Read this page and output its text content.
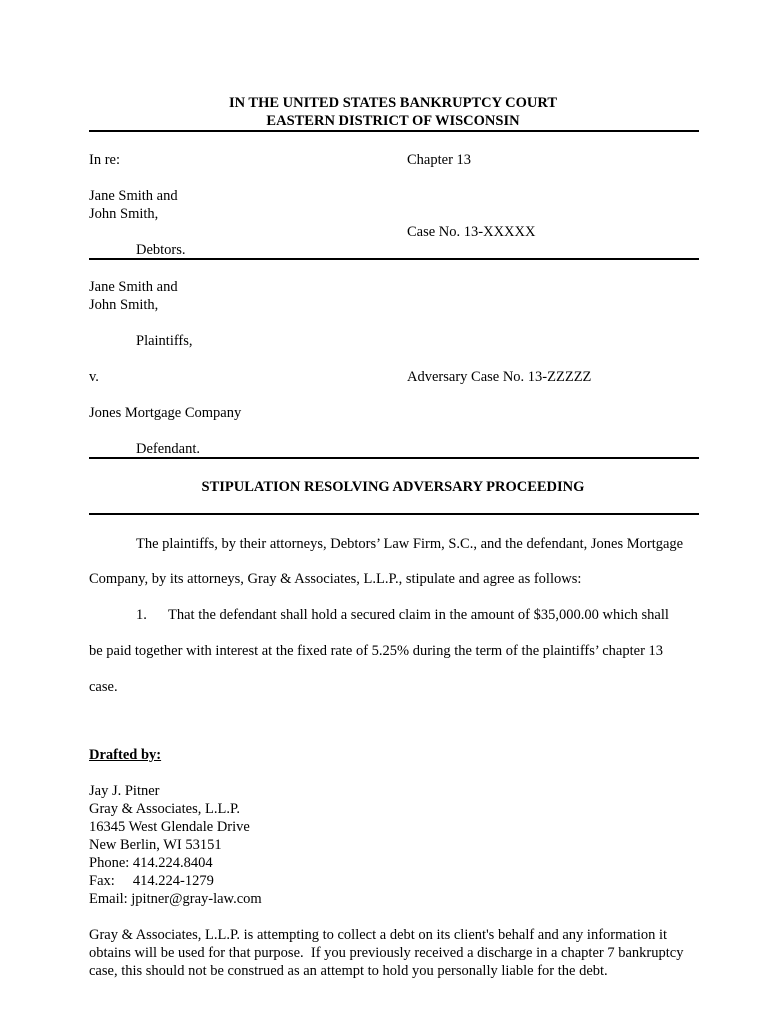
IN THE UNITED STATES BANKRUPTCY COURT
EASTERN DISTRICT OF WISCONSIN
In re:	Chapter 13
Jane Smith and
John Smith,
Case No. 13-XXXXX
Debtors.
Jane Smith and
John Smith,
Plaintiffs,
v.	Adversary Case No. 13-ZZZZZ
Jones Mortgage Company
Defendant.
STIPULATION RESOLVING ADVERSARY PROCEEDING
The plaintiffs, by their attorneys, Debtors’ Law Firm, S.C., and the defendant, Jones Mortgage
Company, by its attorneys, Gray & Associates, L.L.P., stipulate and agree as follows:
1. That the defendant shall hold a secured claim in the amount of $35,000.00 which shall
be paid together with interest at the fixed rate of 5.25% during the term of the plaintiffs’ chapter 13
case.
Drafted by:
Jay J. Pitner
Gray & Associates, L.L.P.
16345 West Glendale Drive
New Berlin, WI 53151
Phone: 414.224.8404
Fax:     414.224-1279
Email: jpitner@gray-law.com
Gray & Associates, L.L.P. is attempting to collect a debt on its client's behalf and any information it
obtains will be used for that purpose.  If you previously received a discharge in a chapter 7 bankruptcy
case, this should not be construed as an attempt to hold you personally liable for the debt.
